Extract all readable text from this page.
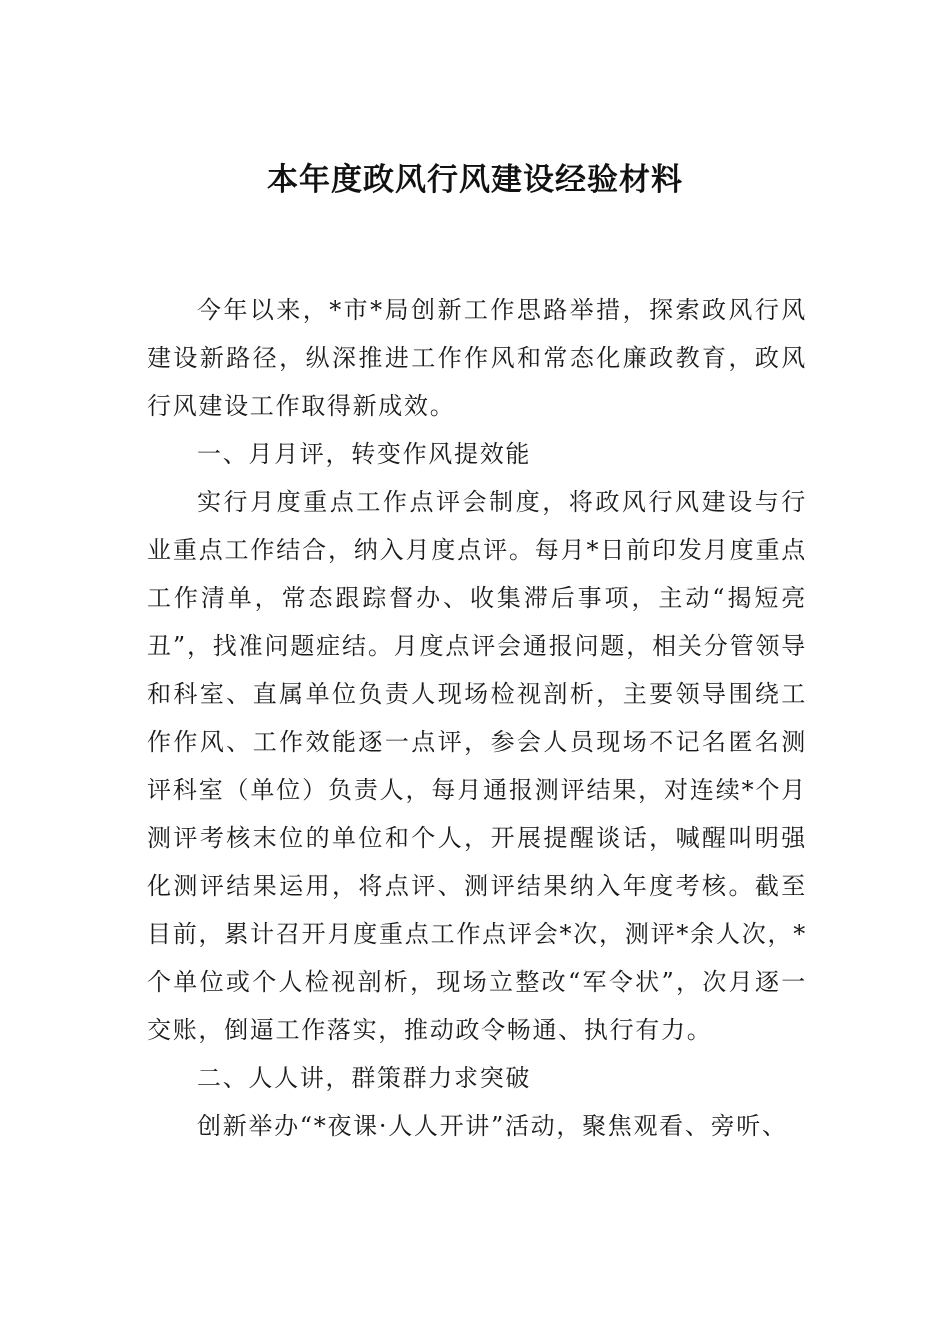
本年度政风行风建设经验材料

今年以来，*市*局创新工作思路举措，探索政风行风建设新路径，纵深推进工作作风和常态化廉政教育，政风行风建设工作取得新成效。

一、月月评，转变作风提效能

实行月度重点工作点评会制度，将政风行风建设与行业重点工作结合，纳入月度点评。每月*日前印发月度重点工作清单，常态跟踪督办、收集滞后事项，主动“揭短亮丑”，找准问题症结。月度点评会通报问题，相关分管领导和科室、直属单位负责人现场检视剖析，主要领导围绕工作作风、工作效能逐一点评，参会人员现场不记名匿名测评科室（单位）负责人，每月通报测评结果，对连续*个月测评考核末位的单位和个人，开展提醒谈话，喊醒叫明强化测评结果运用，将点评、测评结果纳入年度考核。截至目前，累计召开月度重点工作点评会*次，测评*余人次，*个单位或个人检视剖析，现场立整改“军令状”，次月逐一交账，倒逼工作落实，推动政令畅通、执行有力。

二、人人讲，群策群力求突破

创新举办“*夜课·人人开讲”活动，聚焦观看、旁听、
